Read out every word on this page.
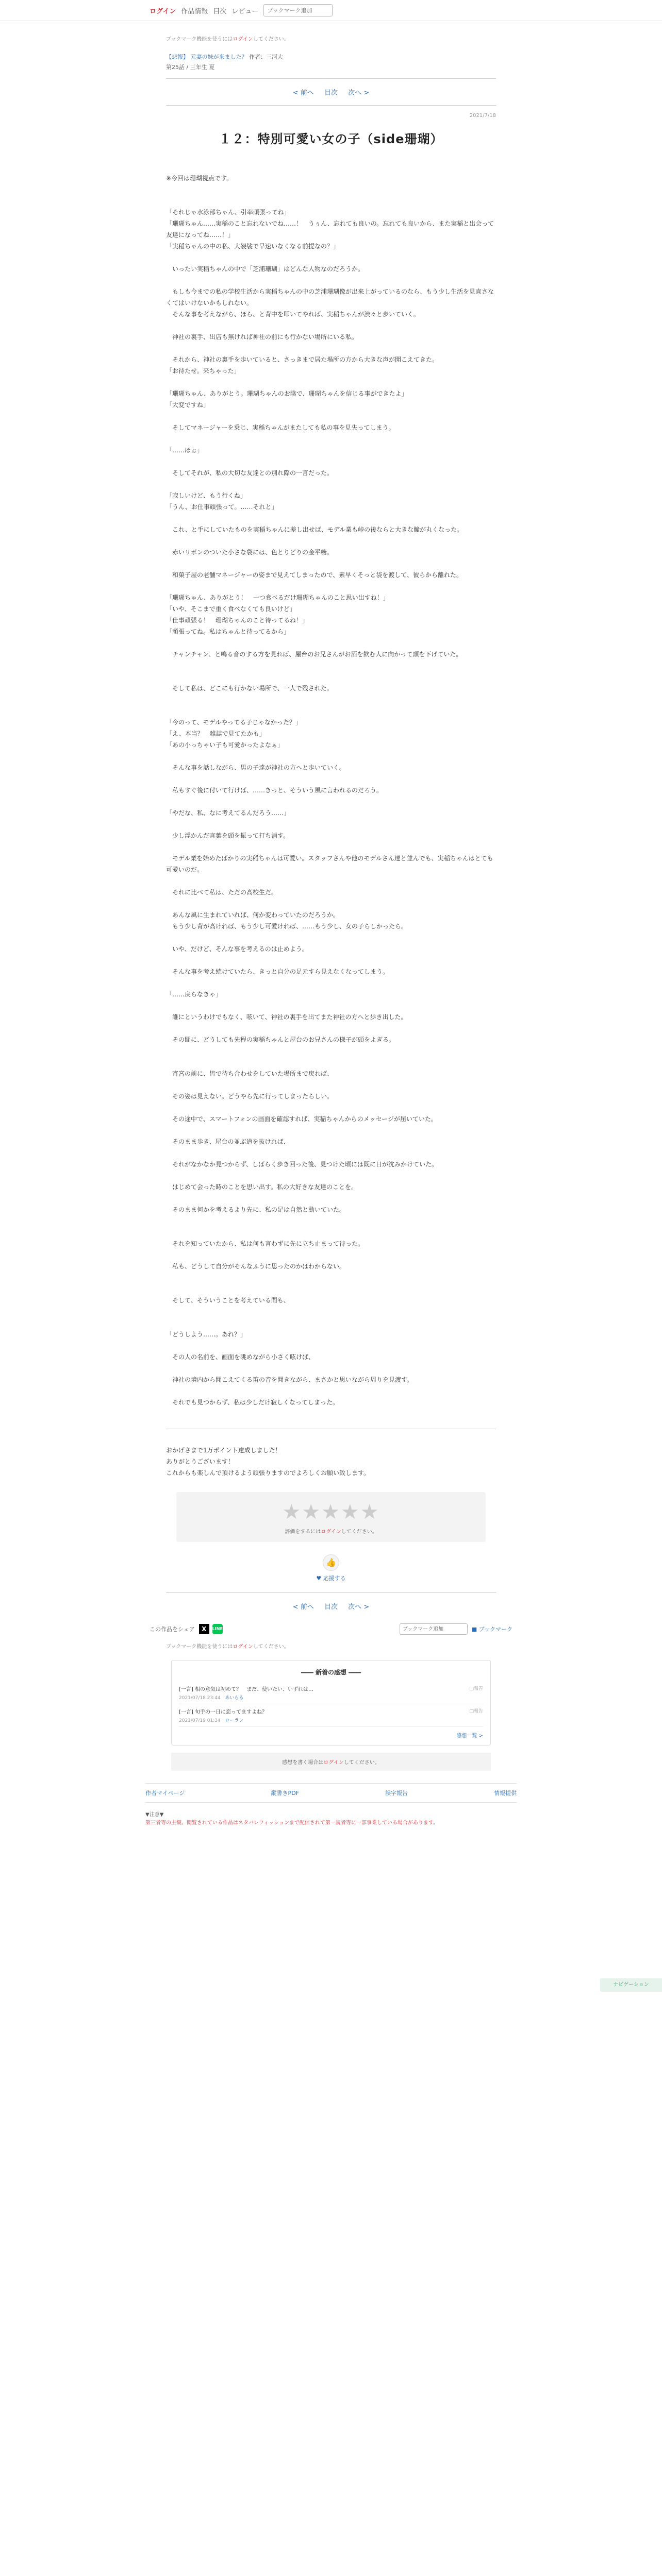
ログイン 作品情報 目次 レビュー
ブックマーク追加
ブックマーク機能を使うにはログインしてください。

【悲報】 元妻の妹が来ました？ 作者：三河大

第25話 / 三年生 夏

< 前へ 目次 次へ >
2021/7/18
１２：特別可愛い女の子（side珊瑚）

※今回は珊瑚視点です。

「それじゃ水泳部ちゃん、引率頑張ってね」

「珊瑚ちゃん……実稲のこと忘れないでね……！　うぅん、忘れても良いの。忘れても良いから、また実稲と出会って友達になってね……！」

「実稲ちゃんの中の私、大袈裟で早速いなくなる前提なの？」

　いったい実稲ちゃんの中で「芝浦珊瑚」はどんな人物なのだろうか。

　もしも今までの私の学校生活から実稲ちゃんの中の芝浦珊瑚像が出来上がっているのなら、もう少し生活を見直さなくてはいけないかもしれない。

　そんな事を考えながら、ほら、と背中を叩いてやれば、実稲ちゃんが渋々と歩いていく。

　神社の裏手、出店も無ければ神社の前にも行かない場所にいる私。

　それから、神社の裏手を歩いていると、さっきまで居た場所の方から大きな声が聞こえてきた。

「お待たせ。来ちゃった」

「珊瑚ちゃん、ありがとう。珊瑚ちゃんのお陰で、珊瑚ちゃんを信じる事ができたよ」

「大変ですね」

　そしてマネージャーを乗じ、実稲ちゃんがまたしても私の事を見失ってしまう。

「……ほぉ」

　そしてそれが、私の大切な友達との別れ際の一言だった。

「寂しいけど、もう行くね」

「うん、お仕事頑張って。……それと」

　これ、と手にしていたものを実稲ちゃんに差し出せば、モデル業も峠の後ならと大きな瞳が丸くなった。

　赤いリボンのついた小さな袋には、色とりどりの金平糖。

　和菓子屋の老舗マネージャーの姿まで見えてしまったので、素早くそっと袋を渡して、彼らから離れた。

「珊瑚ちゃん、ありがとう！　一つ食べるだけ珊瑚ちゃんのこと思い出すね！」

「いや、そこまで重く食べなくても良いけど」

「仕事頑張る！　珊瑚ちゃんのこと待ってるね！」

「頑張ってね。私はちゃんと待ってるから」

　チャンチャン、と鳴る音のする方を見れば、屋台のお兄さんがお酒を飲む人に向かって頭を下げていた。

　そして私は、どこにも行かない場所で、一人で残された。

「今のって、モデルやってる子じゃなかった？」

「え、本当？　雑誌で見てたかも」

「あの小っちゃい子も可愛かったよなぁ」

　そんな事を話しながら、男の子達が神社の方へと歩いていく。

　私もすぐ後に付いて行けば、……きっと、そういう風に言われるのだろう。

「やだな、私、なに考えてるんだろう……」

　少し浮かんだ言葉を頭を振って打ち消す。

　モデル業を始めたばかりの実稲ちゃんは可愛い。スタッフさんや他のモデルさん達と並んでも、実稲ちゃんはとても可愛いのだ。

　それに比べて私は、ただの高校生だ。

　あんな風に生まれていれば、何か変わっていたのだろうか。

　もう少し背が高ければ、もう少し可愛ければ、……もう少し、女の子らしかったら。

　いや、だけど、そんな事を考えるのは止めよう。

　そんな事を考え続けていたら、きっと自分の足元すら見えなくなってしまう。

「……戻らなきゃ」

　誰にというわけでもなく、呟いて、神社の裏手を出てまた神社の方へと歩き出した。

　その間に、どうしても先程の実稲ちゃんと屋台のお兄さんの様子が頭をよぎる。

　宵宮の前に、皆で待ち合わせをしていた場所まで戻れば、

　その姿は見えない。どうやら先に行ってしまったらしい。

　その途中で、スマートフォンの画面を確認すれば、実稲ちゃんからのメッセージが届いていた。

　そのまま歩き、屋台の並ぶ道を抜ければ、

　それがなかなか見つからず、しばらく歩き回った後、見つけた頃には既に日が沈みかけていた。

　はじめて会った時のことを思い出す。私の大好きな友達のことを。

　そのまま何かを考えるより先に、私の足は自然と動いていた。

　それを知っていたから、私は何も言わずに先に立ち止まって待った。

　私も、どうして自分がそんなふうに思ったのかはわからない。

　そして、そういうことを考えている間も、

「どうしよう……。あれ？」

　その人の名前を、画面を眺めながら小さく呟けば、

　神社の境内から聞こえてくる笛の音を聞きながら、まさかと思いながら周りを見渡す。

　それでも見つからず、私は少しだけ寂しくなってしまった。

おかげさまで1万ポイント達成しました！

ありがとうございます！

これからも楽しんで頂けるよう頑張りますのでよろしくお願い致します。

★★★★★
評価をするにはログインしてください。
👍
♥ 応援する
< 前へ 目次 次へ >
この作品をシェア	X	LINE
ブックマーク追加	■ ブックマーク
ブックマーク機能を使うにはログインしてください。
―― 新着の感想 ――
[一言] 相の意気は初めて？　まだ、使いたい、いずれは…
2021/07/18 23:44 あいらる
□報告
[一言] 旬手の一日に恋ってますよね？
2021/07/19 01:34 ローラン
□報告
感想一覧 >
感想を書く場合はログインしてください。
作者マイページ	縦書きPDF	誤字報告	情報提供
▼注意▼
第三者等の主観、閲覧されている作品はネタバレフィッションまで配信されて第一読者等に一部事業している場合があります。
ナビゲーション
